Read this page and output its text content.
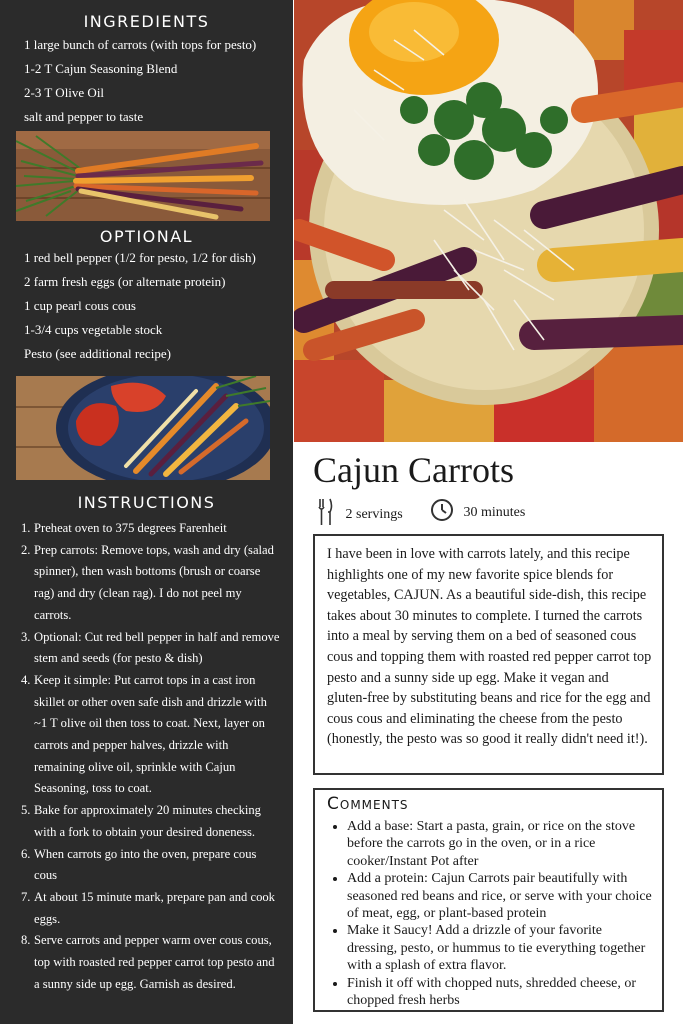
INGREDIENTS
1 large bunch of carrots (with tops for pesto)
1-2 T Cajun Seasoning Blend
2-3 T Olive Oil
salt and pepper to taste
OPTIONAL
1 red bell pepper (1/2 for pesto, 1/2 for dish)
2 farm fresh eggs (or alternate protein)
1 cup pearl cous cous
1-3/4 cups vegetable stock
Pesto (see additional recipe)
INSTRUCTIONS
1. Preheat oven to 375 degrees Farenheit
2. Prep carrots: Remove tops, wash and dry (salad spinner), then wash bottoms (brush or coarse rag) and dry (clean rag). I do not peel my carrots.
3. Optional: Cut red bell pepper in half and remove stem and seeds (for pesto & dish)
4. Keep it simple: Put carrot tops in a cast iron skillet or other oven safe dish and drizzle with ~1 T olive oil then toss to coat. Next, layer on carrots and pepper halves, drizzle with remaining olive oil, sprinkle with Cajun Seasoning, toss to coat.
5. Bake for approximately 20 minutes checking with a fork to obtain your desired doneness.
6. When carrots go into the oven, prepare cous cous
7. At about 15 minute mark, prepare pan and cook eggs.
8. Serve carrots and pepper warm over cous cous, top with roasted red pepper carrot top pesto and a sunny side up egg. Garnish as desired.
Cajun Carrots
2 servings	30 minutes

I have been in love with carrots lately, and this recipe highlights one of my new favorite spice blends for vegetables, CAJUN. As a beautiful side-dish, this recipe takes about 30 minutes to complete. I turned the carrots into a meal by serving them on a bed of seasoned cous cous and topping them with roasted red pepper carrot top pesto and a sunny side up egg. Make it vegan and gluten-free by substituting beans and rice for the egg and cous cous and eliminating the cheese from the pesto (honestly, the pesto was so good it really didn't need it!).

Comments
• Add a base: Start a pasta, grain, or rice on the stove before the carrots go in the oven, or in a rice cooker/Instant Pot after
• Add a protein: Cajun Carrots pair beautifully with seasoned red beans and rice, or serve with your choice of meat, egg, or plant-based protein
• Make it Saucy! Add a drizzle of your favorite dressing, pesto, or hummus to tie everything together with a splash of extra flavor.
• Finish it off with chopped nuts, shredded cheese, or chopped fresh herbs
